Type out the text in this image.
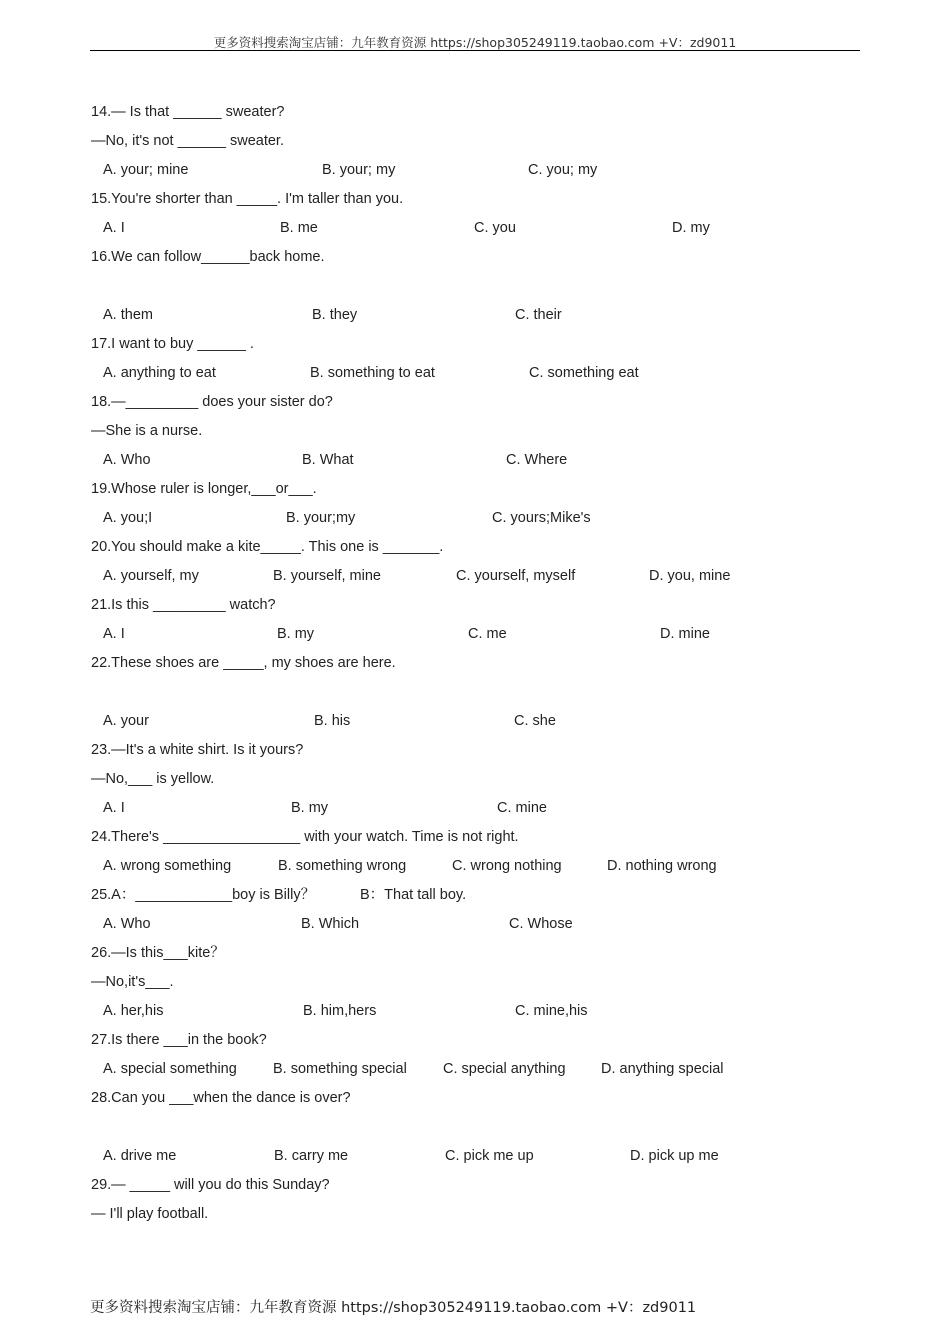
更多资料搜索淘宝店铺：九年教育资源 https://shop305249119.taobao.com +V：zd9011
14.— Is that ______ sweater?
—No, it's not ______ sweater.
A. your; mine	B. your; my	C. you; my
15.You're shorter than _____. I'm taller than you.
A. I	B. me	C. you	D. my
16.We can follow______back home.
A. them	B. they	C. their
17.I want to buy ______ .
A. anything to eat	B. something to eat	C. something eat
18.—_________ does your sister do?
—She is a nurse.
A. Who	B. What	C. Where
19.Whose ruler is longer,___or___.
A. you;I	B. your;my	C. yours;Mike's
20.You should make a kite_____. This one is _______.
A. yourself, my	B. yourself, mine	C. yourself, myself	D. you, mine
21.Is this _________ watch?
A. I	B. my	C. me	D. mine
22.These shoes are _____, my shoes are here.
A. your	B. his	C. she
23.—It's a white shirt. Is it yours?
—No,___ is yellow.
A. I	B. my	C. mine
24.There's _________________ with your watch. Time is not right.
A. wrong something	B. something wrong	C. wrong nothing	D. nothing wrong
25.A：____________boy is Billy？	B：That tall boy.
A. Who	B. Which	C. Whose
26.—Is this___kite？
—No,it's___.
A. her,his	B. him,hers	C. mine,his
27.Is there ___in the book?
A. special something B. something special C. special anything D. anything special
28.Can you ___when the dance is over?
A. drive me	B. carry me	C. pick me up	D. pick up me
29.— _____ will you do this Sunday?
— I'll play football.
更多资料搜索淘宝店铺：九年教育资源 https://shop305249119.taobao.com +V：zd9011
